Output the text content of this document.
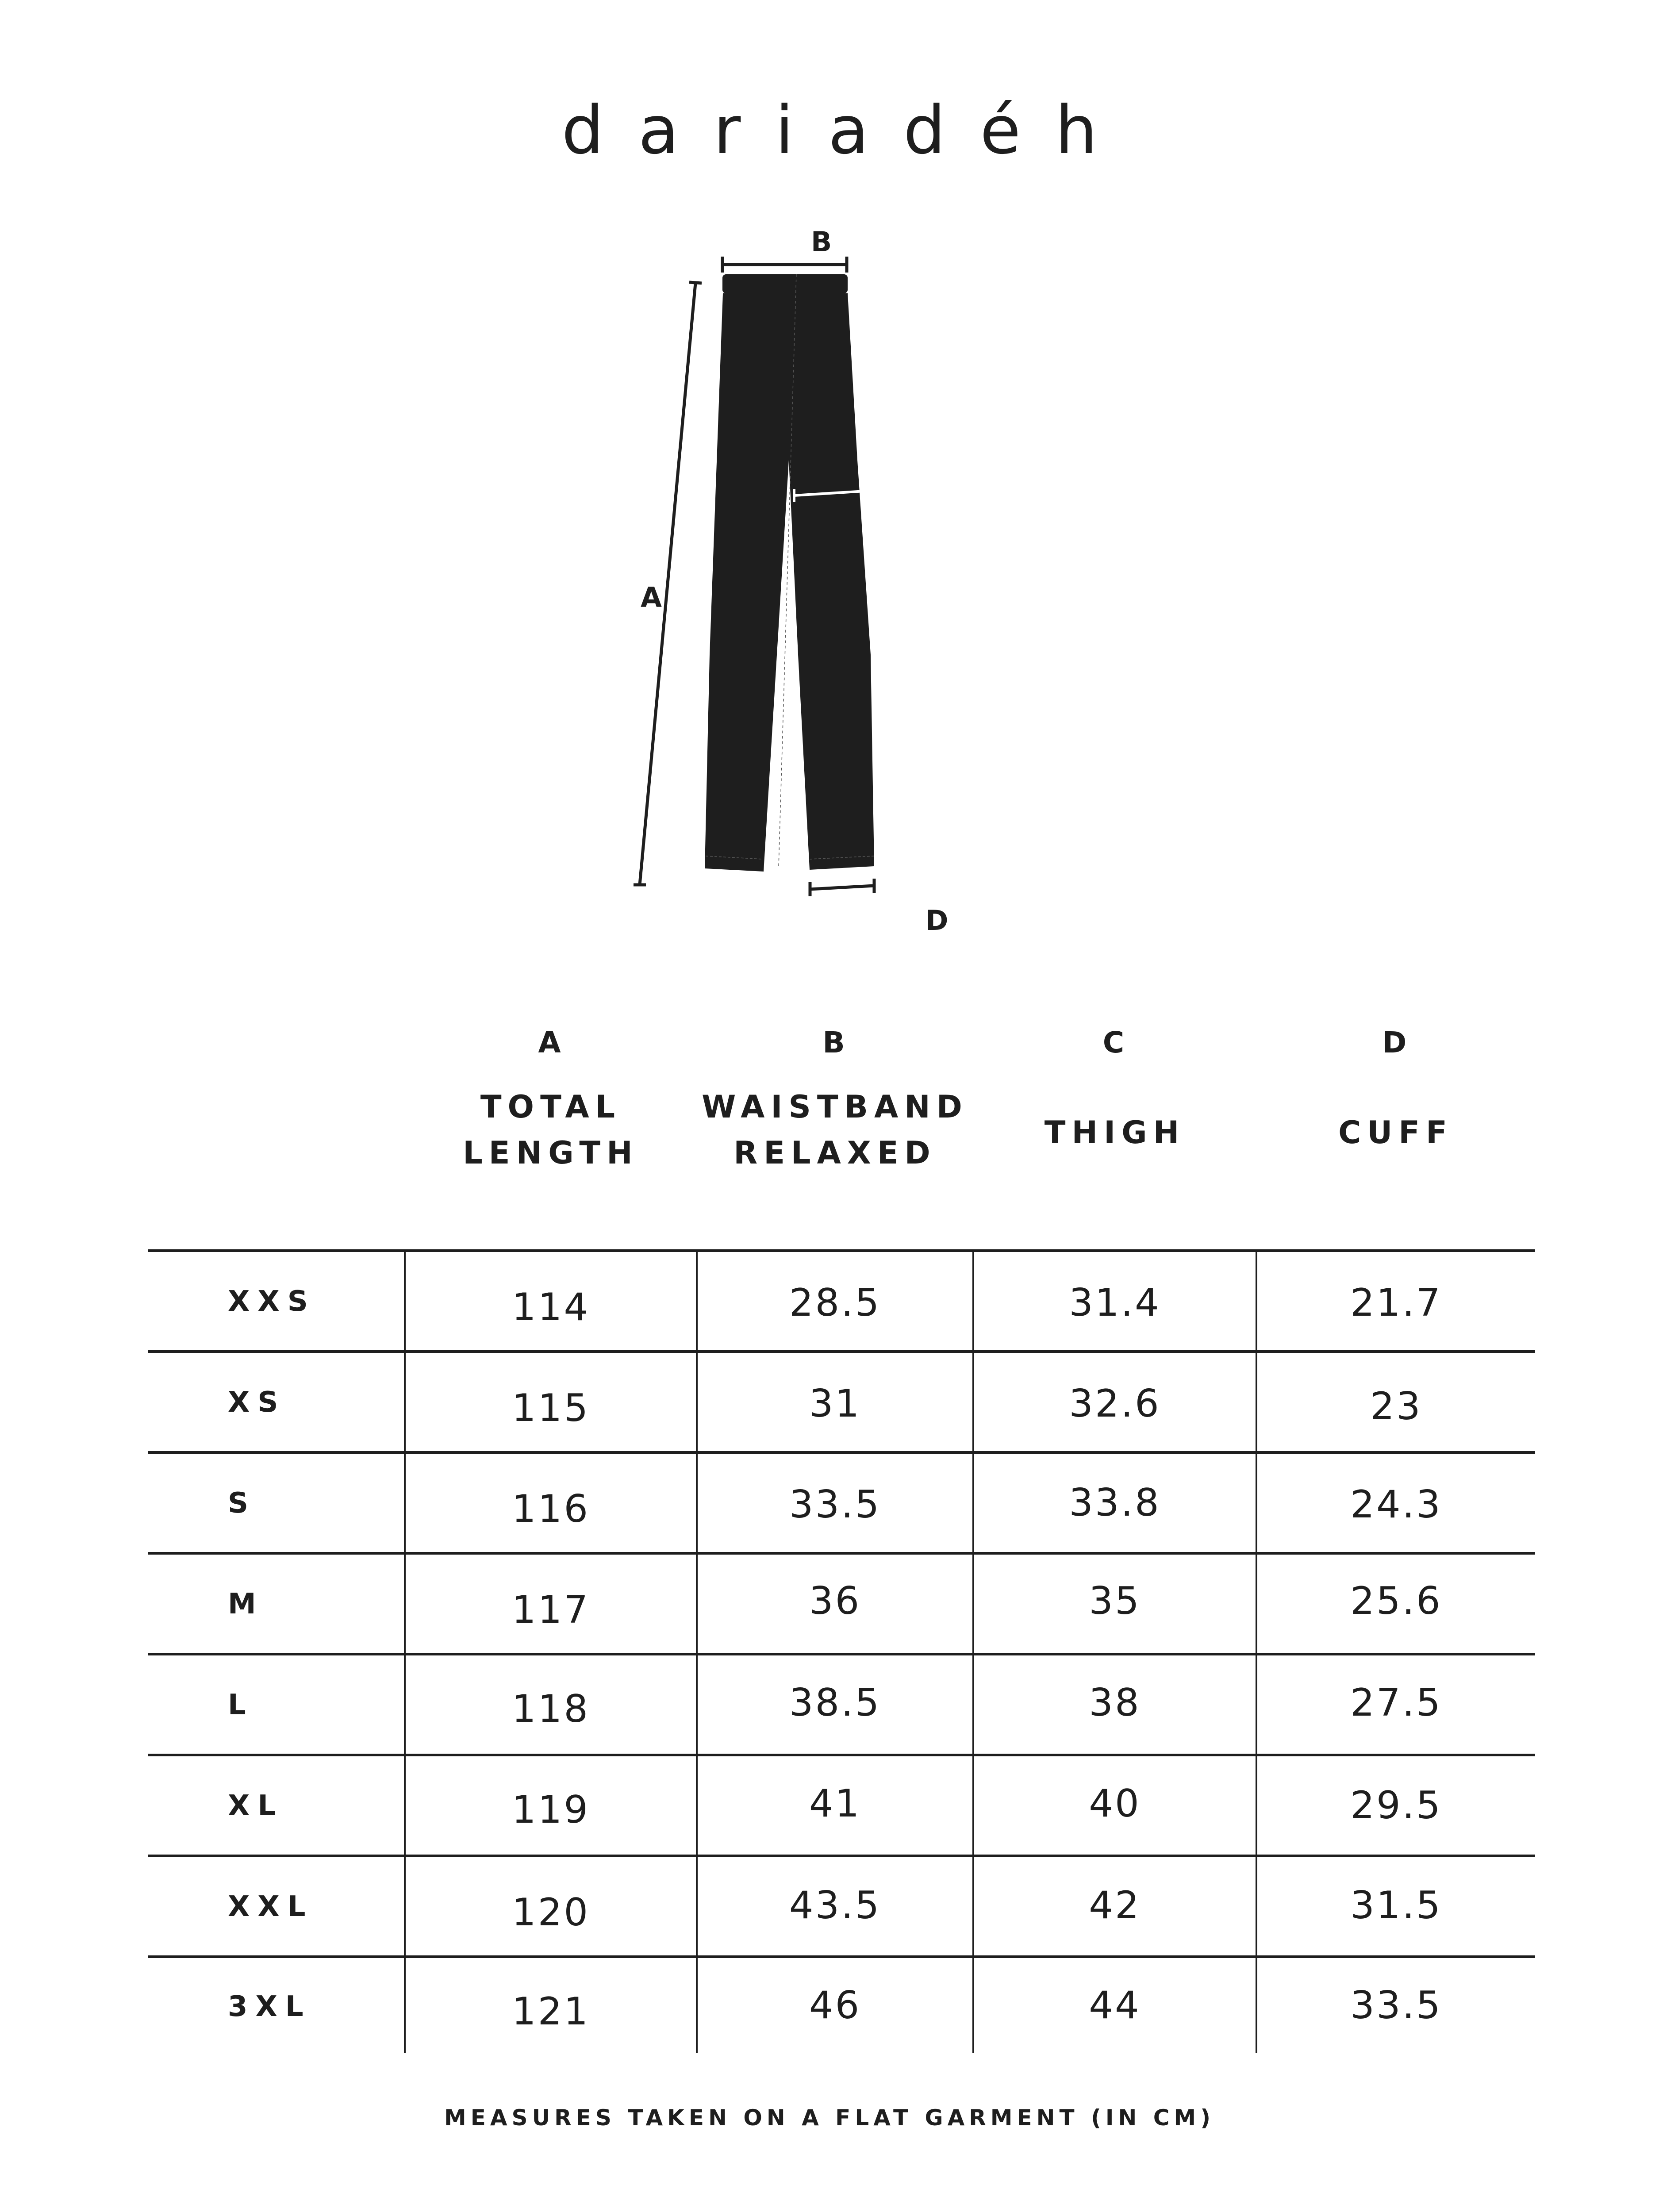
dariadéh
B
A
C
D
A
TOTAL
LENGTH
B
WAISTBAND
RELAXED
C
THIGH
D
CUFF
XXS	114	28.5	31.4	21.7
XS	115	31	32.6	23
S	116	33.5	33.8	24.3
M	117	36	35	25.6
L	118	38.5	38	27.5
XL	119	41	40	29.5
XXL	120	43.5	42	31.5
3XL	121	46	44	33.5
MEASURES TAKEN ON A FLAT GARMENT (IN CM)
